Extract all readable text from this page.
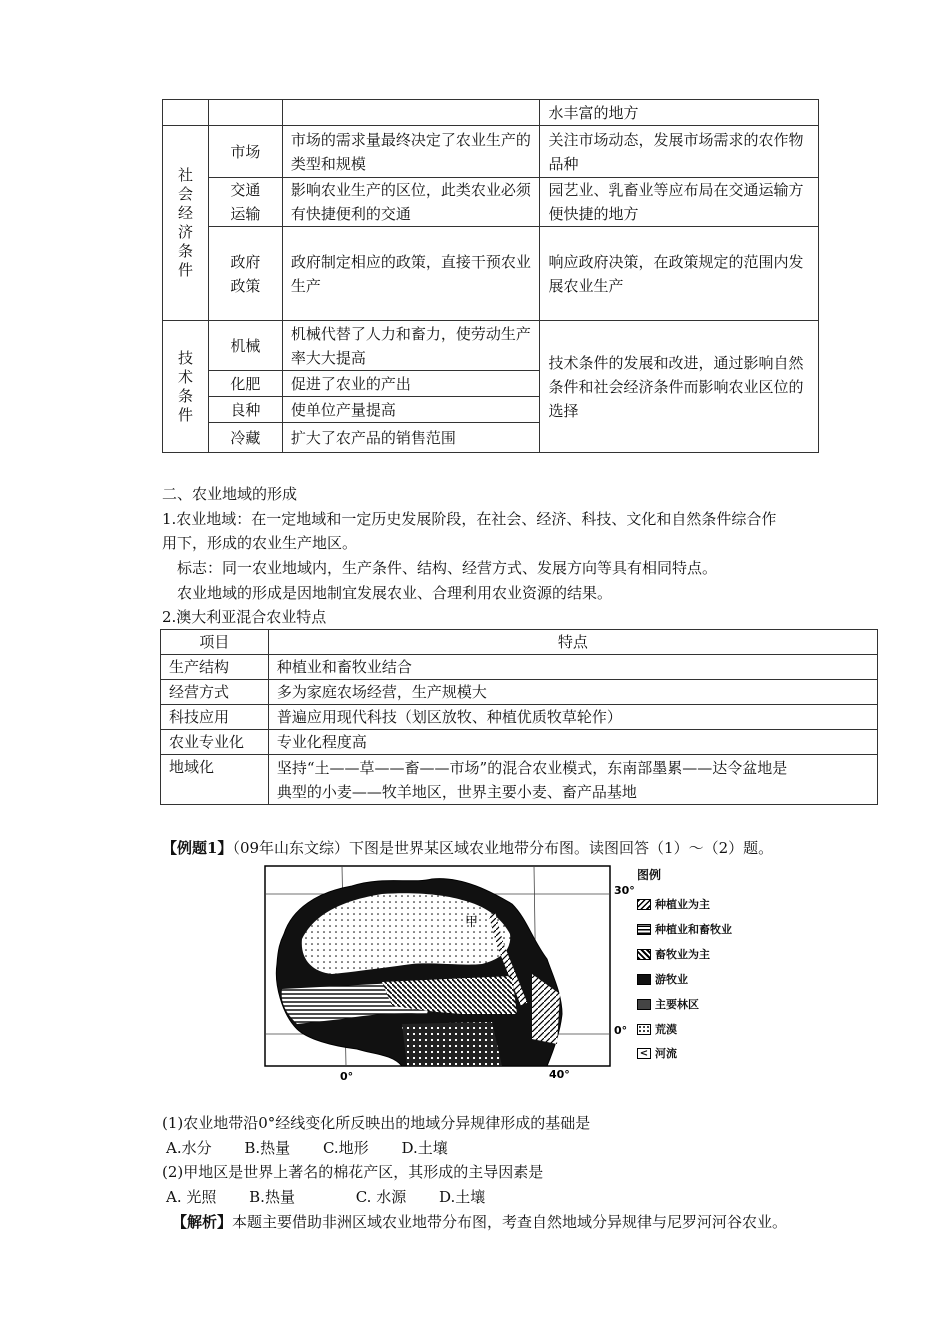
			水丰富的地方

社会经济条件	市场	市场的需求量最终决定了农业生产的类型和规模	关注市场动态，发展市场需求的农作物品种

	交通运输	影响农业生产的区位，此类农业必须有快捷便利的交通	园艺业、乳畜业等应布局在交通运输方便快捷的地方

	政府政策	政府制定相应的政策，直接干预农业生产	响应政府决策，在政策规定的范围内发展农业生产

技术条件	机械	机械代替了人力和畜力，使劳动生产率大大提高	技术条件的发展和改进，通过影响自然条件和社会经济条件而影响农业区位的选择
	化肥	促进了农业的产出	
	良种	使单位产量提高	
	冷藏	扩大了农产品的销售范围	
二、农业地域的形成
1.农业地域：在一定地域和一定历史发展阶段，在社会、经济、科技、文化和自然条件综合作
用下，形成的农业生产地区。
标志：同一农业地域内，生产条件、结构、经营方式、发展方向等具有相同特点。
农业地域的形成是因地制宜发展农业、合理利用农业资源的结果。
2.澳大利亚混合农业特点
项目	特点
生产结构	种植业和畜牧业结合
经营方式	多为家庭农场经营，生产规模大
科技应用	普遍应用现代科技（划区放牧、种植优质牧草轮作）
农业专业化	专业化程度高
地域化	坚持“土——草——畜——市场”的混合农业模式，东南部墨累——达令盆地是
典型的小麦——牧羊地区，世界主要小麦、畜产品基地
【例题1】（09年山东文综）下图是世界某区域农业地带分布图。读图回答（1）～（2）题。
甲
30°
0°
0°	40°
图例
种植业为主
种植业和畜牧业
畜牧业为主
游牧业
主要林区
荒漠
< 河流
(1)农业地带沿0°经线变化所反映出的地域分异规律形成的基础是
A.水分 B.热量 C.地形 D.土壤
(2)甲地区是世界上著名的棉花产区，其形成的主导因素是
A. 光照 B.热量	C. 水源 D.土壤
【解析】本题主要借助非洲区域农业地带分布图，考查自然地域分异规律与尼罗河河谷农业。
